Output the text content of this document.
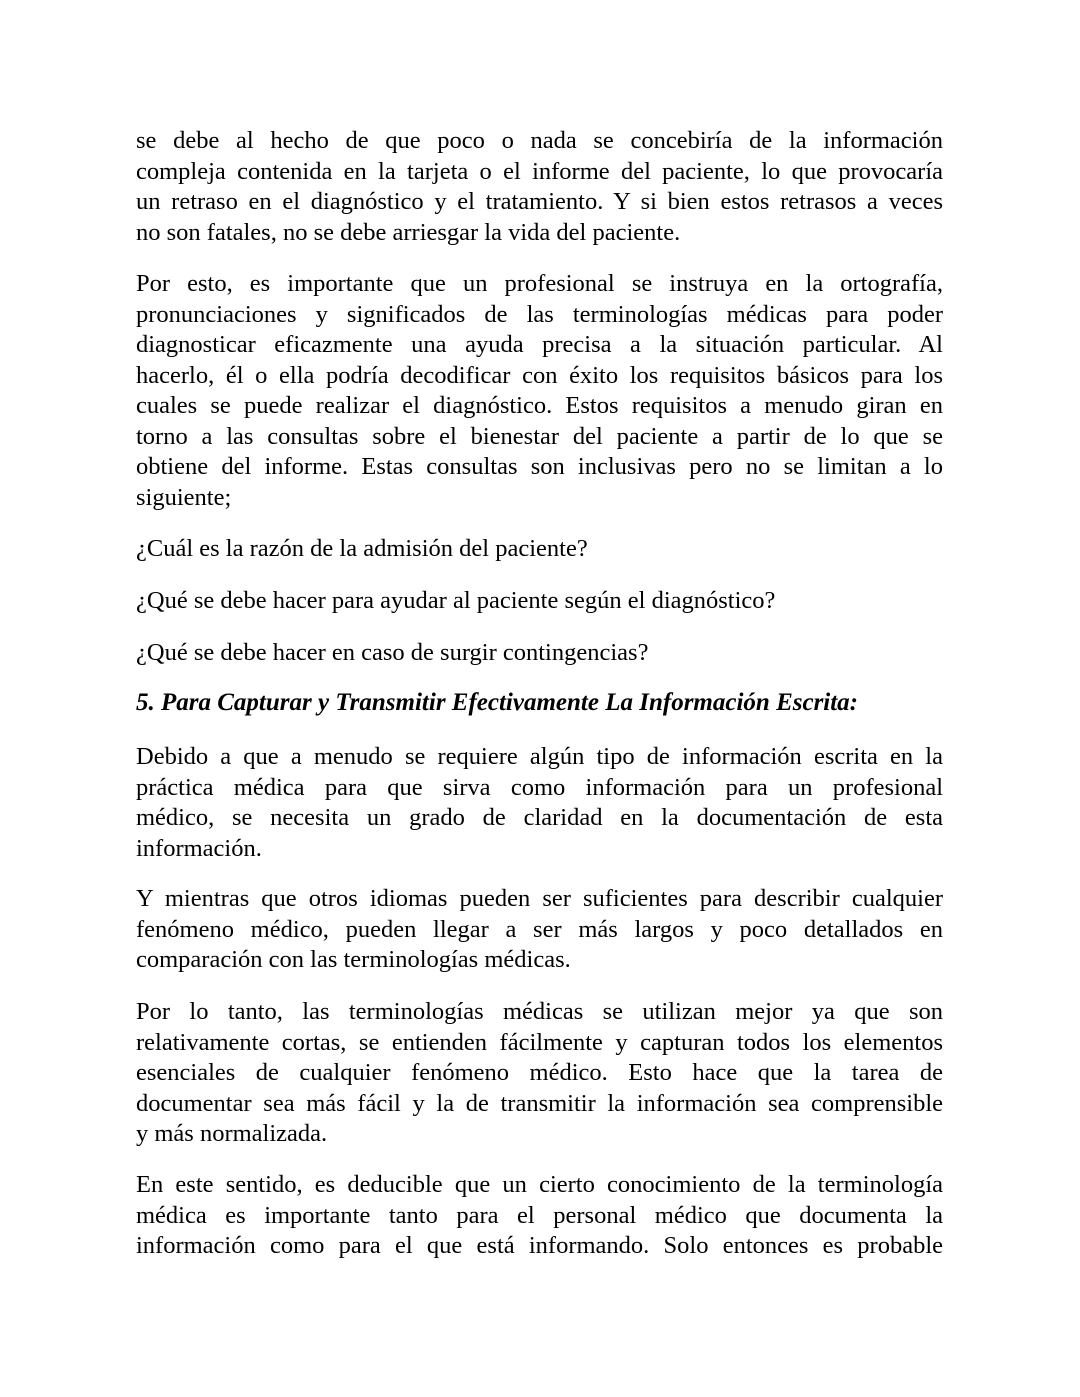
se debe al hecho de que poco o nada se concebiría de la información
compleja contenida en la tarjeta o el informe del paciente, lo que provocaría
un retraso en el diagnóstico y el tratamiento. Y si bien estos retrasos a veces
no son fatales, no se debe arriesgar la vida del paciente.
Por esto, es importante que un profesional se instruya en la ortografía,
pronunciaciones y significados de las terminologías médicas para poder
diagnosticar eficazmente una ayuda precisa a la situación particular. Al
hacerlo, él o ella podría decodificar con éxito los requisitos básicos para los
cuales se puede realizar el diagnóstico. Estos requisitos a menudo giran en
torno a las consultas sobre el bienestar del paciente a partir de lo que se
obtiene del informe. Estas consultas son inclusivas pero no se limitan a lo
siguiente;
¿Cuál es la razón de la admisión del paciente?
¿Qué se debe hacer para ayudar al paciente según el diagnóstico?
¿Qué se debe hacer en caso de surgir contingencias?
5. Para Capturar y Transmitir Efectivamente La Información Escrita:
Debido a que a menudo se requiere algún tipo de información escrita en la
práctica médica para que sirva como información para un profesional
médico, se necesita un grado de claridad en la documentación de esta
información.
Y mientras que otros idiomas pueden ser suficientes para describir cualquier
fenómeno médico, pueden llegar a ser más largos y poco detallados en
comparación con las terminologías médicas.
Por lo tanto, las terminologías médicas se utilizan mejor ya que son
relativamente cortas, se entienden fácilmente y capturan todos los elementos
esenciales de cualquier fenómeno médico. Esto hace que la tarea de
documentar sea más fácil y la de transmitir la información sea comprensible
y más normalizada.
En este sentido, es deducible que un cierto conocimiento de la terminología
médica es importante tanto para el personal médico que documenta la
información como para el que está informando. Solo entonces es probable
